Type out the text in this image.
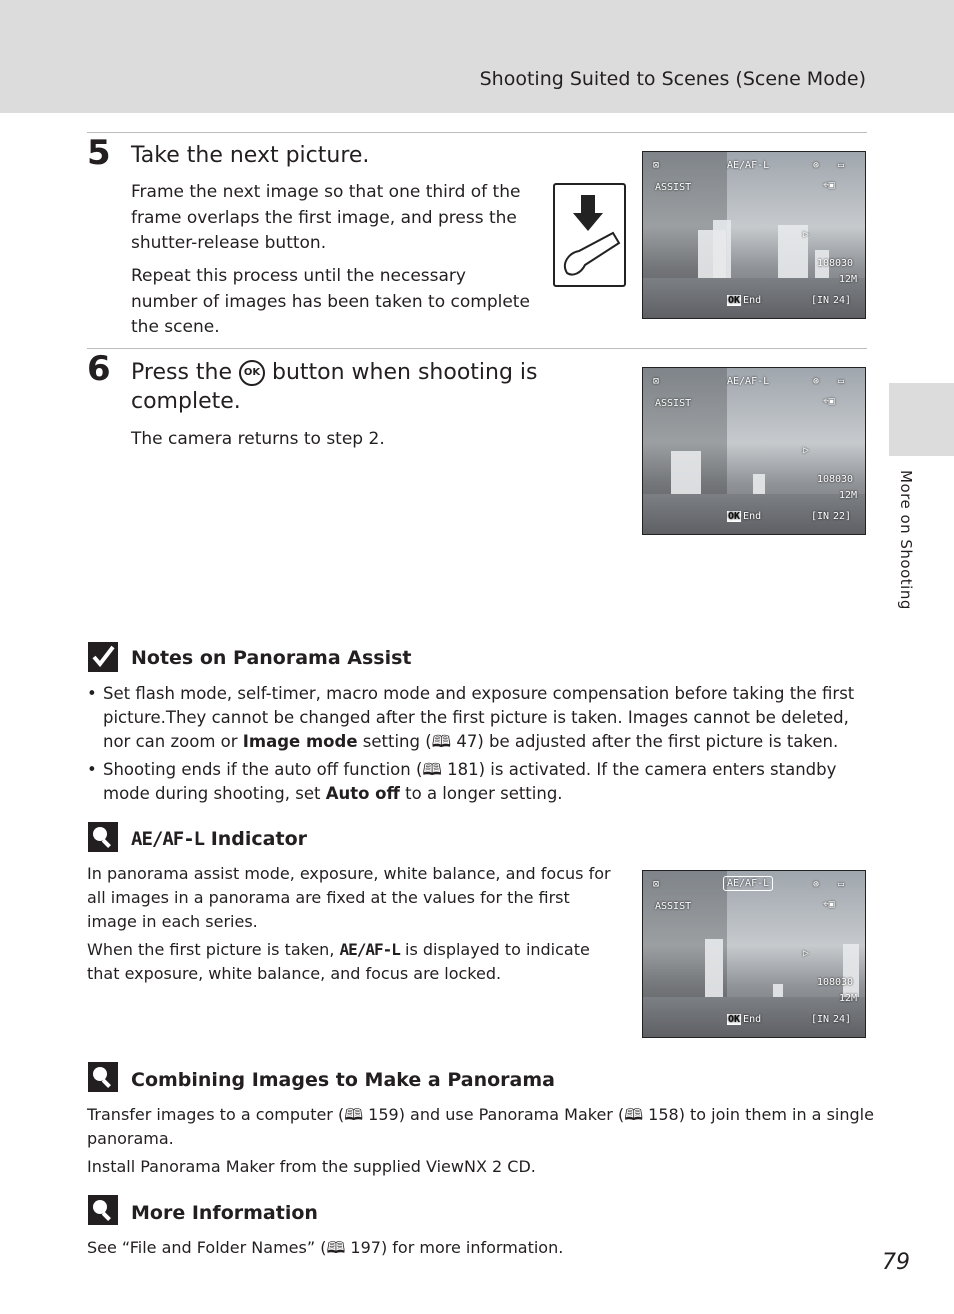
Shooting Suited to Scenes (Scene Mode)
More on Shooting
5 Take the next picture.
Frame the next image so that one third of the frame overlaps the first image, and press the shutter-release button.
Repeat this process until the necessary number of images has been taken to complete the scene.
⊠
ASSIST
AE/AF-L	⊛ ▭
⌖▣
▷
1080 30
12M
OK End	[IN 24]
6 Press the OK button when shooting is complete.
The camera returns to step 2.
⊠
ASSIST
AE/AF-L	⊛ ▭
⌖▣
▷
1080 30
12M
OK End	[IN 22]
Notes on Panorama Assist
• Set flash mode, self-timer, macro mode and exposure compensation before taking the first picture.They cannot be changed after the first picture is taken. Images cannot be deleted, nor can zoom or Image mode setting (🕮 47) be adjusted after the first picture is taken.
• Shooting ends if the auto off function (🕮 181) is activated. If the camera enters standby mode during shooting, set Auto off to a longer setting.
AE/AF-L Indicator
In panorama assist mode, exposure, white balance, and focus for all images in a panorama are fixed at the values for the first image in each series.
When the first picture is taken, AE/AF-L is displayed to indicate that exposure, white balance, and focus are locked.
⊠
ASSIST
AE/AF-L	⊛ ▭
⌖▣
▷
1080 30
12M
OK End	[IN 24]
Combining Images to Make a Panorama
Transfer images to a computer (🕮 159) and use Panorama Maker (🕮 158) to join them in a single panorama.
Install Panorama Maker from the supplied ViewNX 2 CD.
More Information
See “File and Folder Names” (🕮 197) for more information.
79
